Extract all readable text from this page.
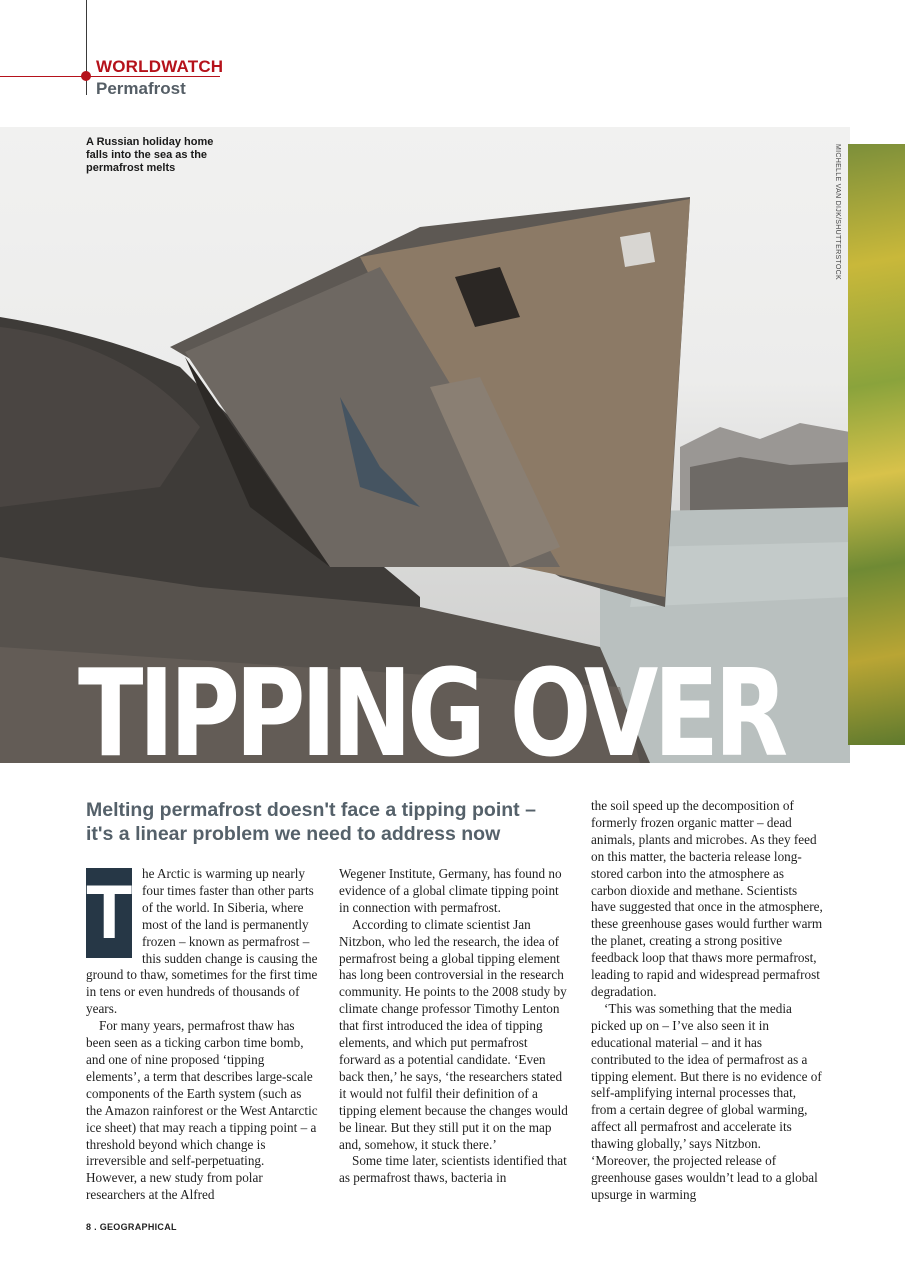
WORLDWATCH
Permafrost
MICHELLE VAN DIJK/SHUTTERSTOCK
A Russian holiday home falls into the sea as the permafrost melts
TIPPING OVER
Melting permafrost doesn't face a tipping point – it's a linear problem we need to address now
T he Arctic is warming up nearly four times faster than other parts of the world. In Siberia, where most of the land is permanently frozen – known as permafrost – this sudden change is causing the ground to thaw, sometimes for the first time in tens or even hundreds of thousands of years.

For many years, permafrost thaw has been seen as a ticking carbon time bomb, and one of nine proposed ‘tipping elements’, a term that describes large-scale components of the Earth system (such as the Amazon rainforest or the West Antarctic ice sheet) that may reach a tipping point – a threshold beyond which change is irreversible and self-perpetuating. However, a new study from polar researchers at the Alfred

Wegener Institute, Germany, has found no evidence of a global climate tipping point in connection with permafrost.

According to climate scientist Jan Nitzbon, who led the research, the idea of permafrost being a global tipping element has long been controversial in the research community. He points to the 2008 study by climate change professor Timothy Lenton that first introduced the idea of tipping elements, and which put permafrost forward as a potential candidate. ‘Even back then,’ he says, ‘the researchers stated it would not fulfil their definition of a tipping element because the changes would be linear. But they still put it on the map and, somehow, it stuck there.’

Some time later, scientists identified that as permafrost thaws, bacteria in

the soil speed up the decomposition of formerly frozen organic matter – dead animals, plants and microbes. As they feed on this matter, the bacteria release long-stored carbon into the atmosphere as carbon dioxide and methane. Scientists have suggested that once in the atmosphere, these greenhouse gases would further warm the planet, creating a strong positive feedback loop that thaws more permafrost, leading to rapid and widespread permafrost degradation.

‘This was something that the media picked up on – I’ve also seen it in educational material – and it has contributed to the idea of permafrost as a tipping element. But there is no evidence of self-amplifying internal processes that, from a certain degree of global warming, affect all permafrost and accelerate its thawing globally,’ says Nitzbon. ‘Moreover, the projected release of greenhouse gases wouldn’t lead to a global upsurge in warming

8 . GEOGRAPHICAL
